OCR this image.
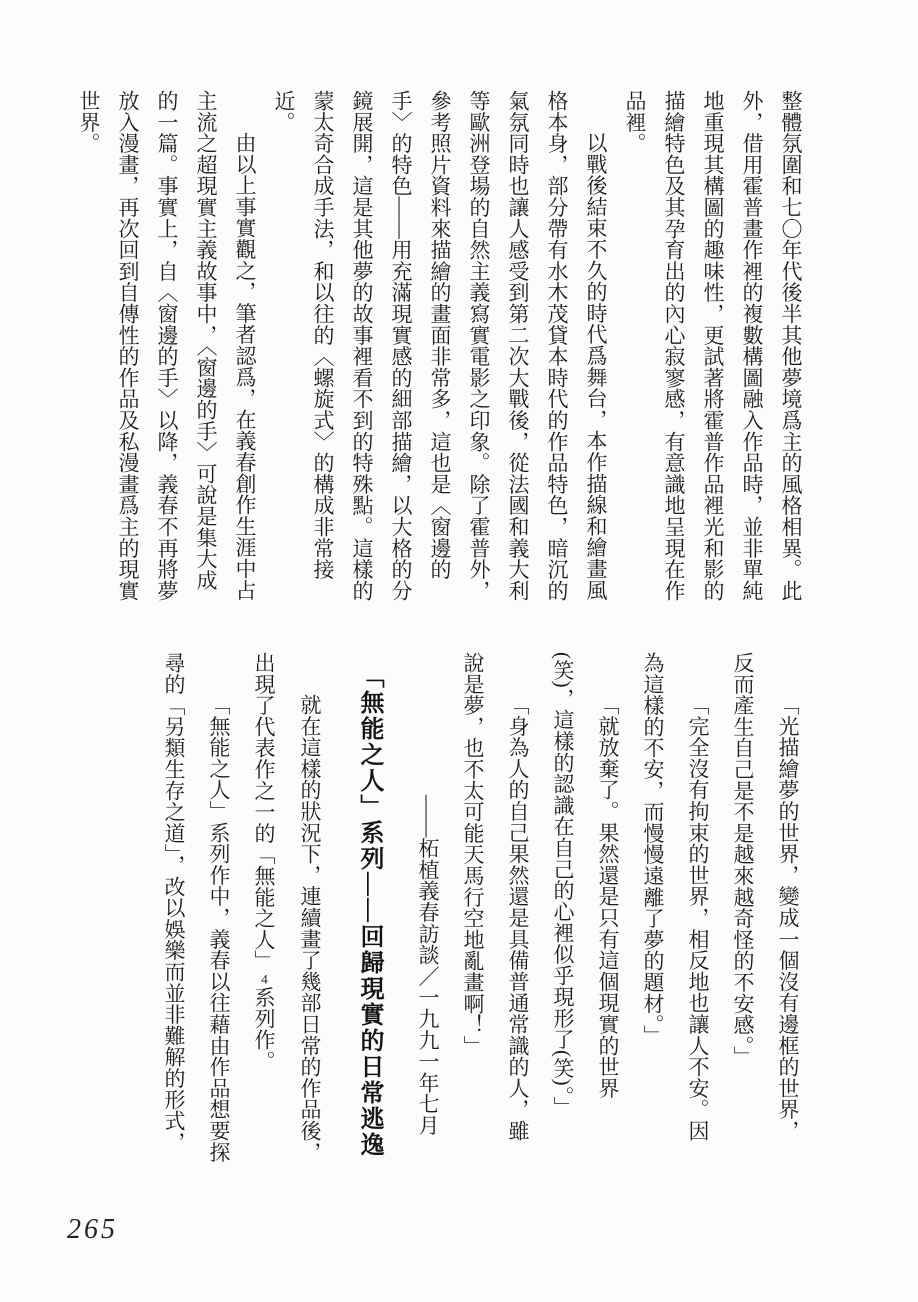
整體氛圍和七〇年代後半其他夢境爲主的風格相異。此外，借用霍普畫作裡的複數構圖融入作品時，並非單純地重現其構圖的趣味性，更試著將霍普作品裡光和影的描繪特色及其孕育出的內心寂寥感，有意識地呈現在作品裡。

以戰後結束不久的時代爲舞台，本作描線和繪畫風格本身，部分帶有水木茂貸本時代的作品特色，暗沉的氣氛同時也讓人感受到第二次大戰後，從法國和義大利等歐洲登場的自然主義寫實電影之印象。除了霍普外，參考照片資料來描繪的畫面非常多，這也是〈窗邊的手〉的特色——用充滿現實感的細部描繪，以大格的分鏡展開，這是其他夢的故事裡看不到的特殊點。這樣的蒙太奇合成手法，和以往的〈螺旋式〉的構成非常接近。

由以上事實觀之，筆者認爲，在義春創作生涯中占主流之超現實主義故事中，〈窗邊的手〉可說是集大成的一篇。事實上，自〈窗邊的手〉以降，義春不再將夢放入漫畫，再次回到自傳性的作品及私漫畫爲主的現實世界。

「光描繪夢的世界，變成一個沒有邊框的世界，反而產生自己是不是越來越奇怪的不安感。」

「完全沒有拘束的世界，相反地也讓人不安。因為這樣的不安，而慢慢遠離了夢的題材。」

「就放棄了。果然還是只有這個現實的世界(笑)，這樣的認識在自己的心裡似乎現形了(笑)。」

「身為人的自己果然還是具備普通常識的人，雖說是夢，也不太可能天馬行空地亂畫啊！」

——柘植義春訪談／一九九一年七月

「無能之人」系列——回歸現實的日常逃逸

就在這樣的狀況下，連續畫了幾部日常的作品後，出現了代表作之一的「無能之人」4系列作。

「無能之人」系列作中，義春以往藉由作品想要探尋的「另類生存之道」，改以娛樂而並非難解的形式，

265
